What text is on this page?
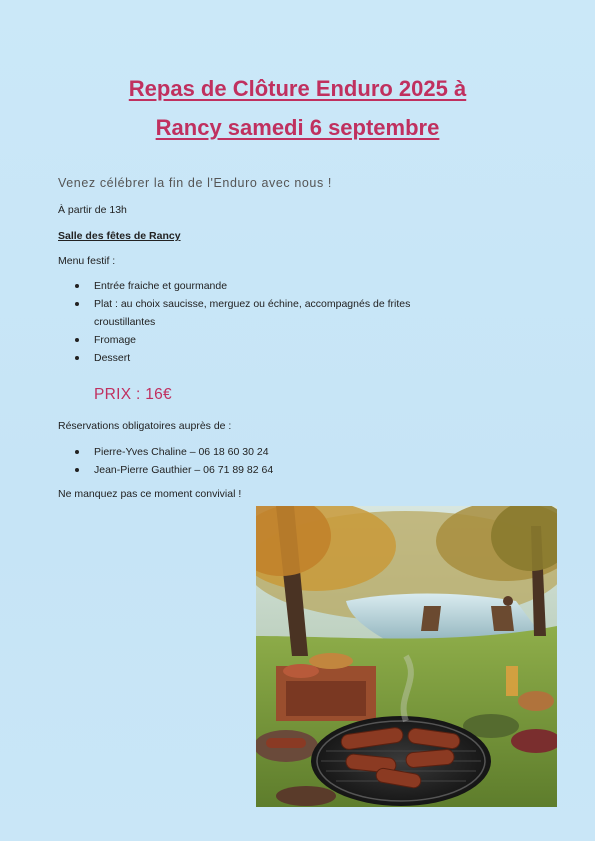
Repas de Clôture Enduro 2025 à
Rancy samedi 6 septembre
Venez célébrer la fin de l'Enduro avec nous !
À partir de 13h
Salle des fêtes de Rancy
Menu festif :
Entrée fraiche et gourmande
Plat : au choix saucisse, merguez ou échine, accompagnés de frites
croustillantes
Fromage
Dessert
PRIX : 16€
Réservations obligatoires auprès de :
Pierre-Yves Chaline – 06 18 60 30 24
Jean-Pierre Gauthier – 06 71 89 82 64
Ne manquez pas ce moment convivial !
